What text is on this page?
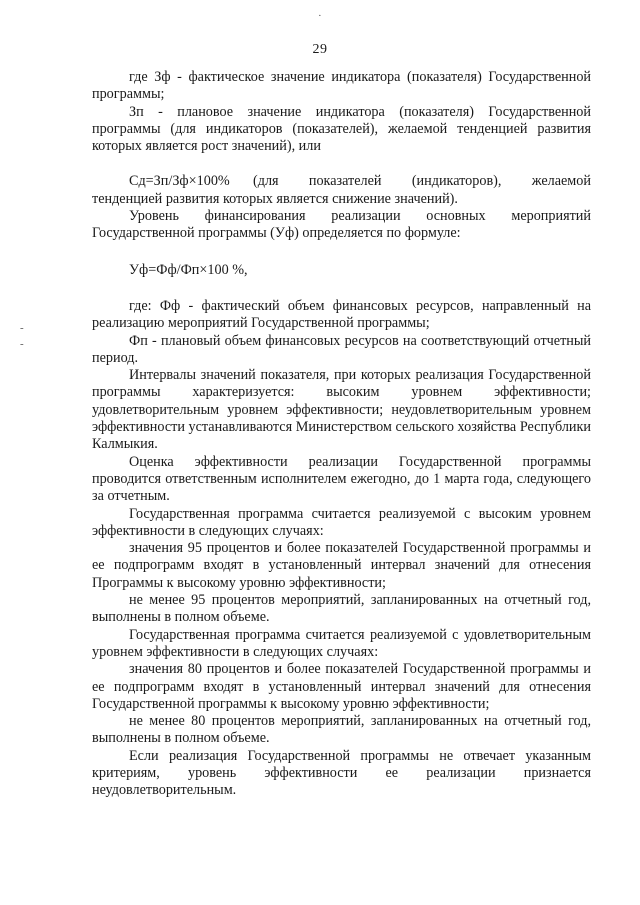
29
·
-
-

где Зф - фактическое значение индикатора (показателя) Государственной программы;

Зп - плановое значение индикатора (показателя) Государственной программы (для индикаторов (показателей), желаемой тенденцией развития которых является рост значений), или

Сд=Зп/Зф×100%	(для показателей (индикаторов), желаемой

тенденцией развития которых является снижение значений).

Уровень финансирования реализации основных мероприятий Государственной программы (Уф) определяется по формуле:

Уф=Фф/Фп×100 %,

где: Фф - фактический объем финансовых ресурсов, направленный на реализацию мероприятий Государственной программы;

Фп - плановый объем финансовых ресурсов на соответствующий отчетный период.

Интервалы значений показателя, при которых реализация Государственной программы характеризуется: высоким уровнем эффективности; удовлетворительным уровнем эффективности; неудовлетворительным уровнем эффективности устанавливаются Министерством сельского хозяйства Республики Калмыкия.

Оценка эффективности реализации Государственной программы проводится ответственным исполнителем ежегодно, до 1 марта года, следующего за отчетным.

Государственная программа считается реализуемой с высоким уровнем эффективности в следующих случаях:

значения 95 процентов и более показателей Государственной программы и ее подпрограмм входят в установленный интервал значений для отнесения Программы к высокому уровню эффективности;

не менее 95 процентов мероприятий, запланированных на отчетный год, выполнены в полном объеме.

Государственная программа считается реализуемой с удовлетворительным уровнем эффективности в следующих случаях:

значения 80 процентов и более показателей Государственной программы и ее подпрограмм входят в установленный интервал значений для отнесения Государственной программы к высокому уровню эффективности;

не менее 80 процентов мероприятий, запланированных на отчетный год, выполнены в полном объеме.

Если реализация Государственной программы не отвечает указанным критериям, уровень эффективности ее реализации признается неудовлетворительным.
